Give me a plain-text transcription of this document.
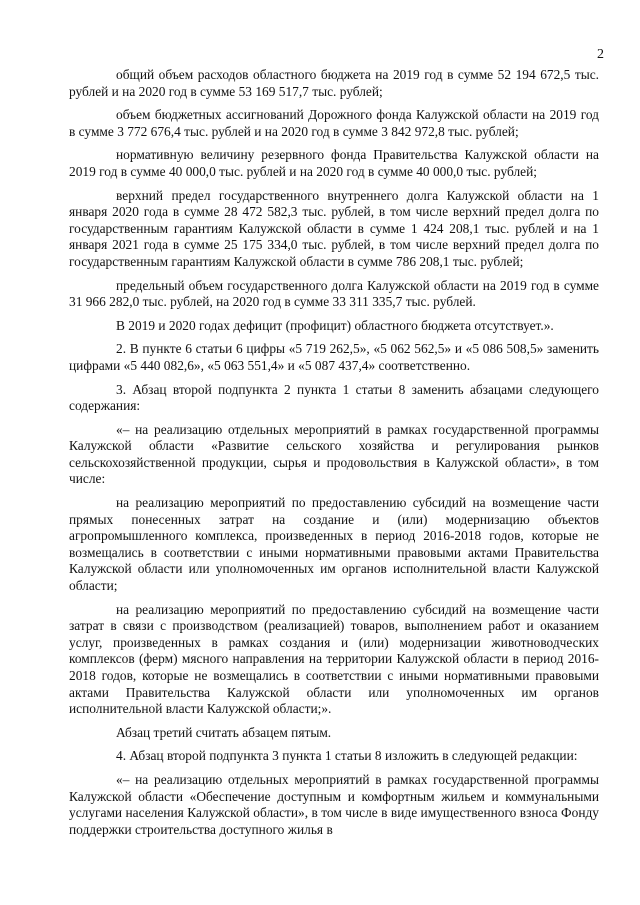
2

общий объем расходов областного бюджета на 2019 год в сумме 52 194 672,5 тыс. рублей и на 2020 год в сумме 53 169 517,7 тыс. рублей;

объем бюджетных ассигнований Дорожного фонда Калужской области на 2019 год в сумме 3 772 676,4 тыс. рублей и на 2020 год в сумме 3 842 972,8 тыс. рублей;

нормативную величину резервного фонда Правительства Калужской области на 2019 год в сумме 40 000,0 тыс. рублей и на 2020 год в сумме 40 000,0 тыс. рублей;

верхний предел государственного внутреннего долга Калужской области на 1 января 2020 года в сумме 28 472 582,3 тыс. рублей, в том числе верхний предел долга по государственным гарантиям Калужской области в сумме 1 424 208,1 тыс. рублей и на 1 января 2021 года в сумме 25 175 334,0 тыс. рублей, в том числе верхний предел долга по государственным гарантиям Калужской области в сумме 786 208,1 тыс. рублей;

предельный объем государственного долга Калужской области на 2019 год в сумме 31 966 282,0 тыс. рублей, на 2020 год в сумме 33 311 335,7 тыс. рублей.

В 2019 и 2020 годах дефицит (профицит) областного бюджета отсутствует.».

2. В пункте 6 статьи 6 цифры «5 719 262,5», «5 062 562,5» и «5 086 508,5» заменить цифрами «5 440 082,6», «5 063 551,4» и «5 087 437,4» соответственно.

3. Абзац второй подпункта 2 пункта 1 статьи 8 заменить абзацами следующего содержания:

«– на реализацию отдельных мероприятий в рамках государственной программы Калужской области «Развитие сельского хозяйства и регулирования рынков сельскохозяйственной продукции, сырья и продовольствия в Калужской области», в том числе:

на реализацию мероприятий по предоставлению субсидий на возмещение части прямых понесенных затрат на создание и (или) модернизацию объектов агропромышленного комплекса, произведенных в период 2016-2018 годов, которые не возмещались в соответствии с иными нормативными правовыми актами Правительства Калужской области или уполномоченных им органов исполнительной власти Калужской области;

на реализацию мероприятий по предоставлению субсидий на возмещение части затрат в связи с производством (реализацией) товаров, выполнением работ и оказанием услуг, произведенных в рамках создания и (или) модернизации животноводческих комплексов (ферм) мясного направления на территории Калужской области в период 2016-2018 годов, которые не возмещались в соответствии с иными нормативными правовыми актами Правительства Калужской области или уполномоченных им органов исполнительной власти Калужской области;».

Абзац третий считать абзацем пятым.

4. Абзац второй подпункта 3 пункта 1 статьи 8 изложить в следующей редакции:

«– на реализацию отдельных мероприятий в рамках государственной программы Калужской области «Обеспечение доступным и комфортным жильем и коммунальными услугами населения Калужской области», в том числе в виде имущественного взноса Фонду поддержки строительства доступного жилья в
